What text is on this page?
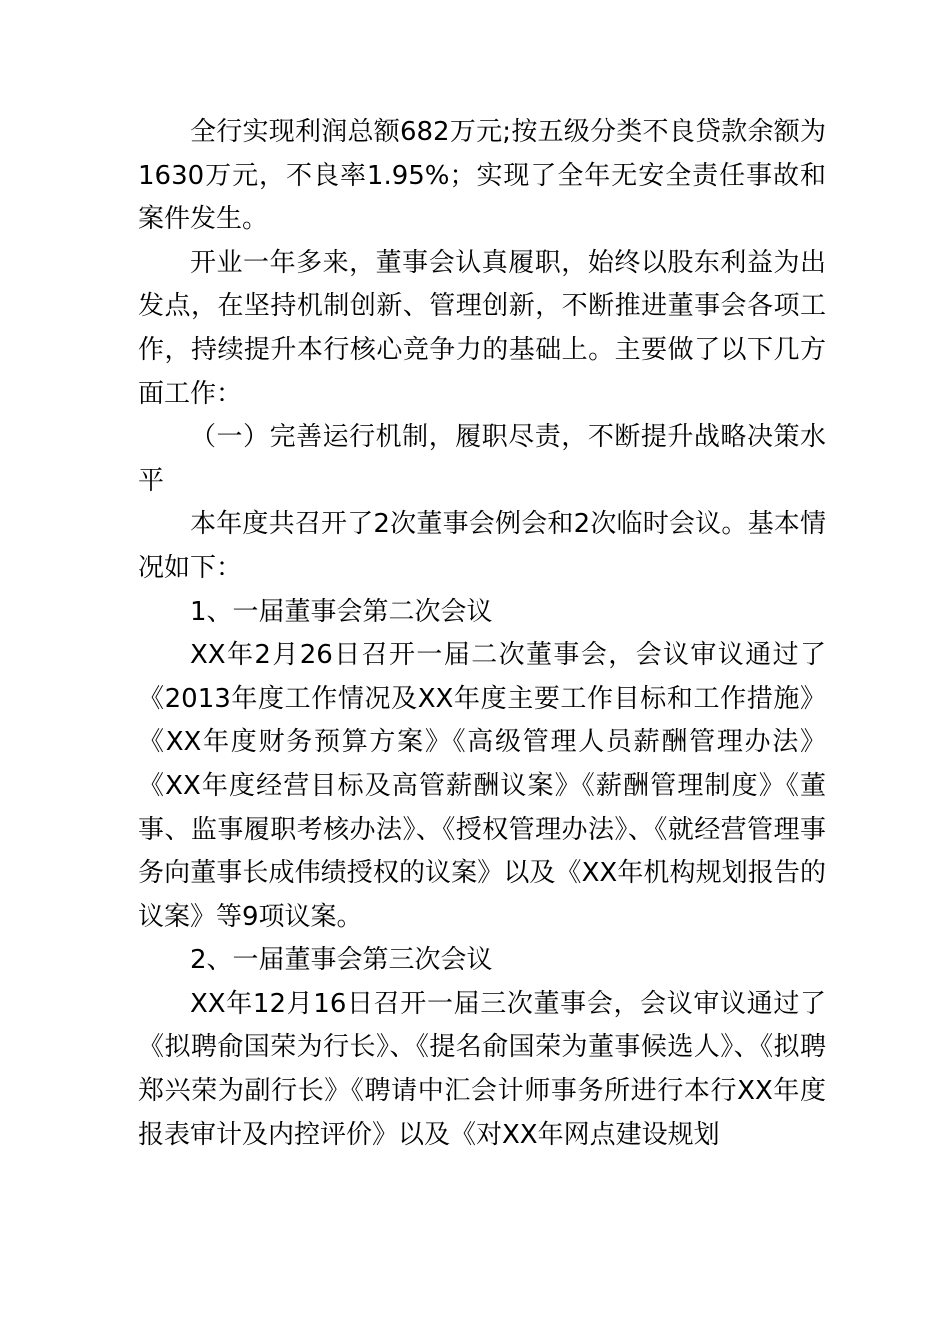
全行实现利润总额682万元;按五级分类不良贷款余额为1630万元，不良率1.95%；实现了全年无安全责任事故和案件发生。

开业一年多来，董事会认真履职，始终以股东利益为出发点，在坚持机制创新、管理创新，不断推进董事会各项工作，持续提升本行核心竞争力的基础上。主要做了以下几方面工作：

（一）完善运行机制，履职尽责，不断提升战略决策水平

本年度共召开了2次董事会例会和2次临时会议。基本情况如下：

1、一届董事会第二次会议

XX年2月26日召开一届二次董事会，会议审议通过了《2013年度工作情况及XX年度主要工作目标和工作措施》《XX年度财务预算方案》《高级管理人员薪酬管理办法》《XX年度经营目标及高管薪酬议案》《薪酬管理制度》《董事、监事履职考核办法》、《授权管理办法》、《就经营管理事务向董事长成伟绩授权的议案》以及《XX年机构规划报告的议案》等9项议案。

2、一届董事会第三次会议

XX年12月16日召开一届三次董事会，会议审议通过了《拟聘俞国荣为行长》、《提名俞国荣为董事候选人》、《拟聘郑兴荣为副行长》《聘请中汇会计师事务所进行本行XX年度报表审计及内控评价》以及《对XX年网点建设规划
